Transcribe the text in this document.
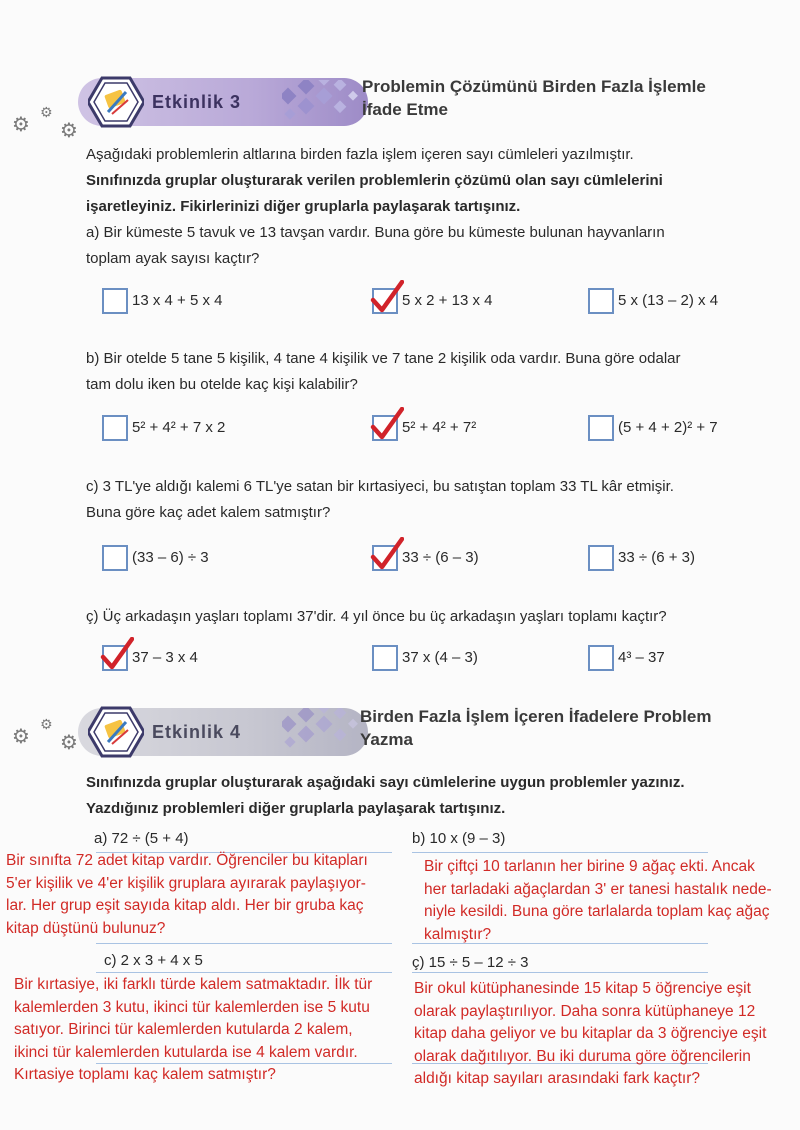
⚙
⚙
⚙
Etkinlik 3
Problemin Çözümünü Birden Fazla İşlemle
İfade Etme
Aşağıdaki problemlerin altlarına birden fazla işlem içeren sayı cümleleri yazılmıştır.
Sınıfınızda gruplar oluşturarak verilen problemlerin çözümü olan sayı cümlelerini
işaretleyiniz. Fikirlerinizi diğer gruplarla paylaşarak tartışınız.
a) Bir kümeste 5 tavuk ve 13 tavşan vardır. Buna göre bu kümeste bulunan hayvanların
toplam ayak sayısı kaçtır?
13 x 4 + 5 x 4	5 x 2 + 13 x 4	5 x (13 – 2) x 4
b) Bir otelde 5 tane 5 kişilik, 4 tane 4 kişilik ve 7 tane 2 kişilik oda vardır. Buna göre odalar
tam dolu iken bu otelde kaç kişi kalabilir?
5² + 4² + 7 x 2	5² + 4² + 7²	(5 + 4 + 2)² + 7
c) 3 TL'ye aldığı kalemi 6 TL'ye satan bir kırtasiyeci, bu satıştan toplam 33 TL kâr etmişir.
Buna göre kaç adet kalem satmıştır?
(33 – 6) ÷ 3	33 ÷ (6 – 3)	33 ÷ (6 + 3)
ç) Üç arkadaşın yaşları toplamı 37'dir. 4 yıl önce bu üç arkadaşın yaşları toplamı kaçtır?
37 – 3 x 4	37 x (4 – 3)	4³ – 37
⚙
⚙
⚙	Etkinlik 4
Birden Fazla İşlem İçeren İfadelere Problem
Yazma
Sınıfınızda gruplar oluşturarak aşağıdaki sayı cümlelerine uygun problemler yazınız.
Yazdığınız problemleri diğer gruplarla paylaşarak tartışınız.
a) 72 ÷ (5 + 4)
Bir sınıfta 72 adet kitap vardır. Öğrenciler bu kitapları
5'er kişilik ve 4'er kişilik gruplara ayırarak paylaşıyor-
lar. Her grup eşit sayıda kitap aldı. Her bir gruba kaç
kitap düştünü bulunuz?
b) 10 x (9 – 3)
Bir çiftçi 10 tarlanın her birine 9 ağaç ekti. Ancak
her tarladaki ağaçlardan 3' er tanesi hastalık nede-
niyle kesildi. Buna göre tarlalarda toplam kaç ağaç
kalmıştır?
c) 2 x 3 + 4 x 5
Bir kırtasiye, iki farklı türde kalem satmaktadır. İlk tür
kalemlerden 3 kutu, ikinci tür kalemlerden ise 5 kutu
satıyor. Birinci tür kalemlerden kutularda 2 kalem,
ikinci tür kalemlerden kutularda ise 4 kalem vardır.
Kırtasiye toplamı kaç kalem satmıştır?
ç) 15 ÷ 5 – 12 ÷ 3
Bir okul kütüphanesinde 15 kitap 5 öğrenciye eşit
olarak paylaştırılıyor. Daha sonra kütüphaneye 12
kitap daha geliyor ve bu kitaplar da 3 öğrenciye eşit
olarak dağıtılıyor. Bu iki duruma göre öğrencilerin
aldığı kitap sayıları arasındaki fark kaçtır?
